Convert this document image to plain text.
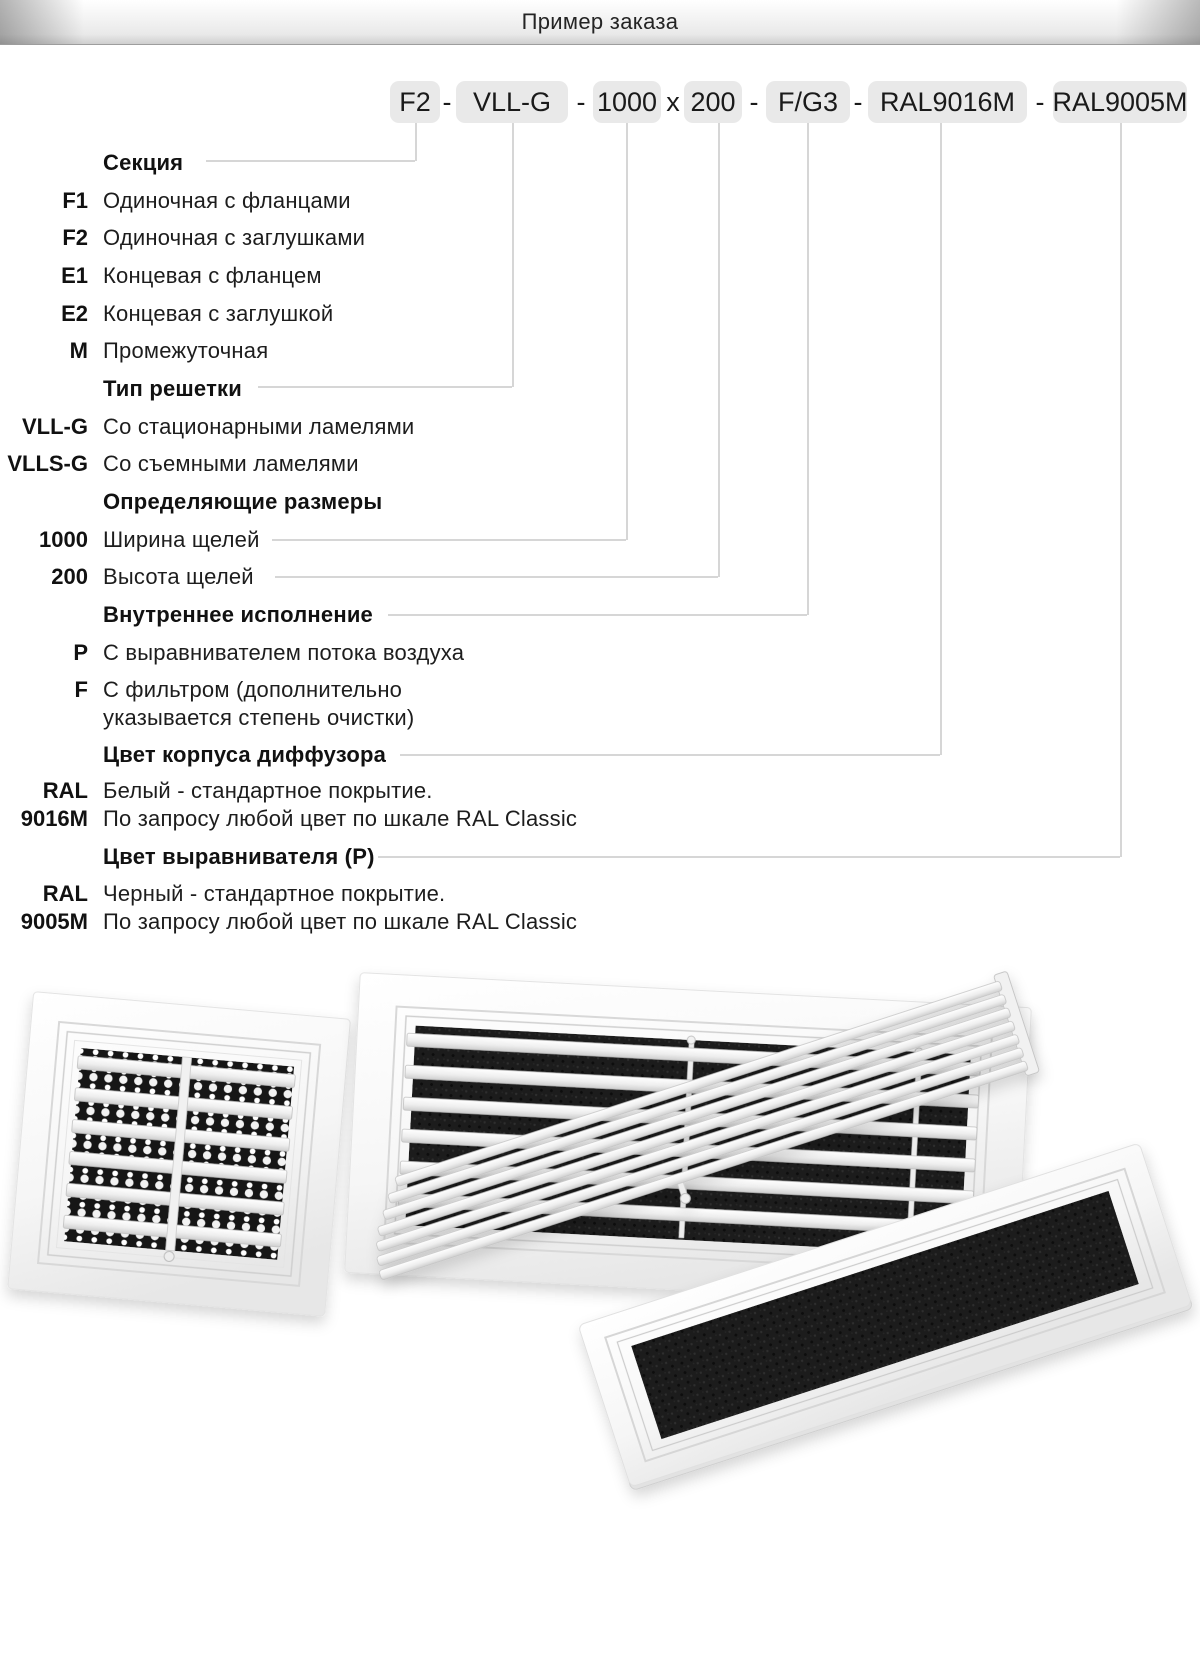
Пример заказа
F2 - VLL-G - 1000 x 200 - F/G3 - RAL9016M - RAL9005M
Секция
F1 Одиночная с фланцами
F2 Одиночная с заглушками
E1 Концевая с фланцем
E2 Концевая с заглушкой
M Промежуточная
Тип решетки
VLL-G Со стационарными ламелями
VLLS-G Со съемными ламелями
Определяющие размеры
1000 Ширина щелей
200 Высота щелей
Внутреннее исполнение
P С выравнивателем потока воздуха
F С фильтром (дополнительно
указывается степень очистки)
Цвет корпуса диффузора
RAL
9016M
Белый - стандартное покрытие.
По запросу любой цвет по шкале RAL Classic
Цвет выравнивателя (P)
RAL
9005M
Черный - стандартное покрытие.
По запросу любой цвет по шкале RAL Classic
